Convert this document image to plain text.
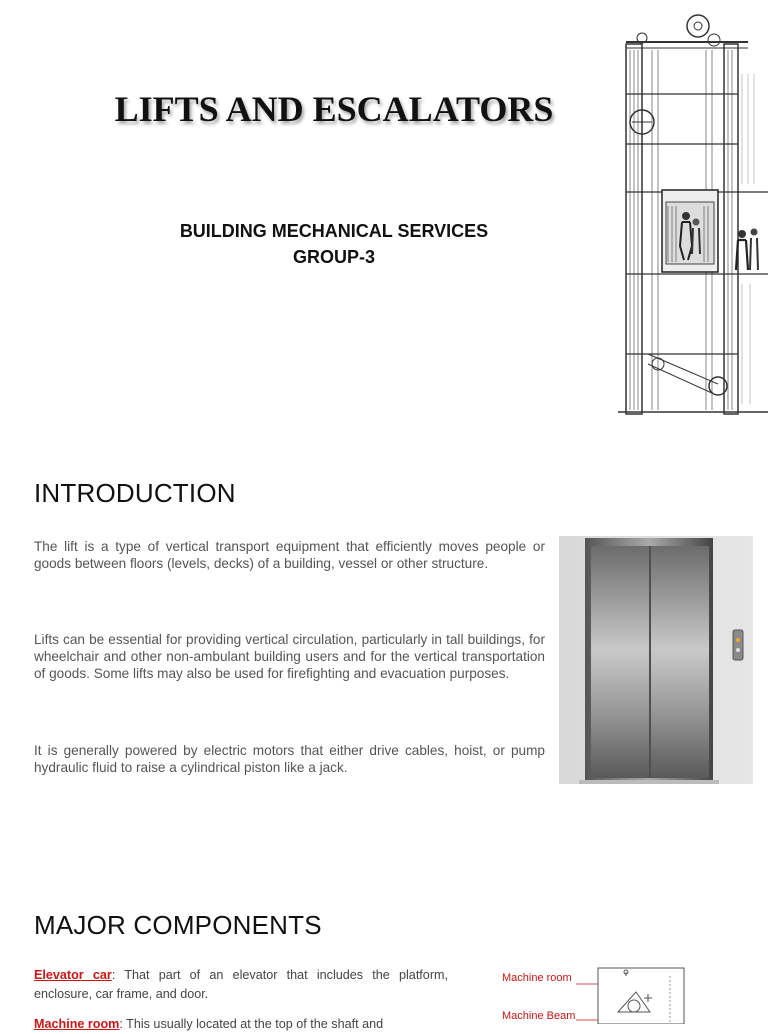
LIFTS AND ESCALATORS
BUILDING MECHANICAL SERVICES
GROUP-3
INTRODUCTION
The lift is a type of vertical transport equipment that efficiently moves people or goods between floors (levels, decks) of a building, vessel or other structure.
Lifts can be essential for providing vertical circulation, particularly in tall buildings, for wheelchair and other non-ambulant building users and for the vertical transportation of goods. Some lifts may also be used for firefighting and evacuation purposes.
It is generally powered by electric motors that either drive cables, hoist, or pump hydraulic fluid to raise a cylindrical piston like a jack.
MAJOR COMPONENTS
Elevator car: That part of an elevator that includes the platform, enclosure, car frame, and door.
Machine room: This usually located at the top of the shaft and
Machine room
Machine Beam
